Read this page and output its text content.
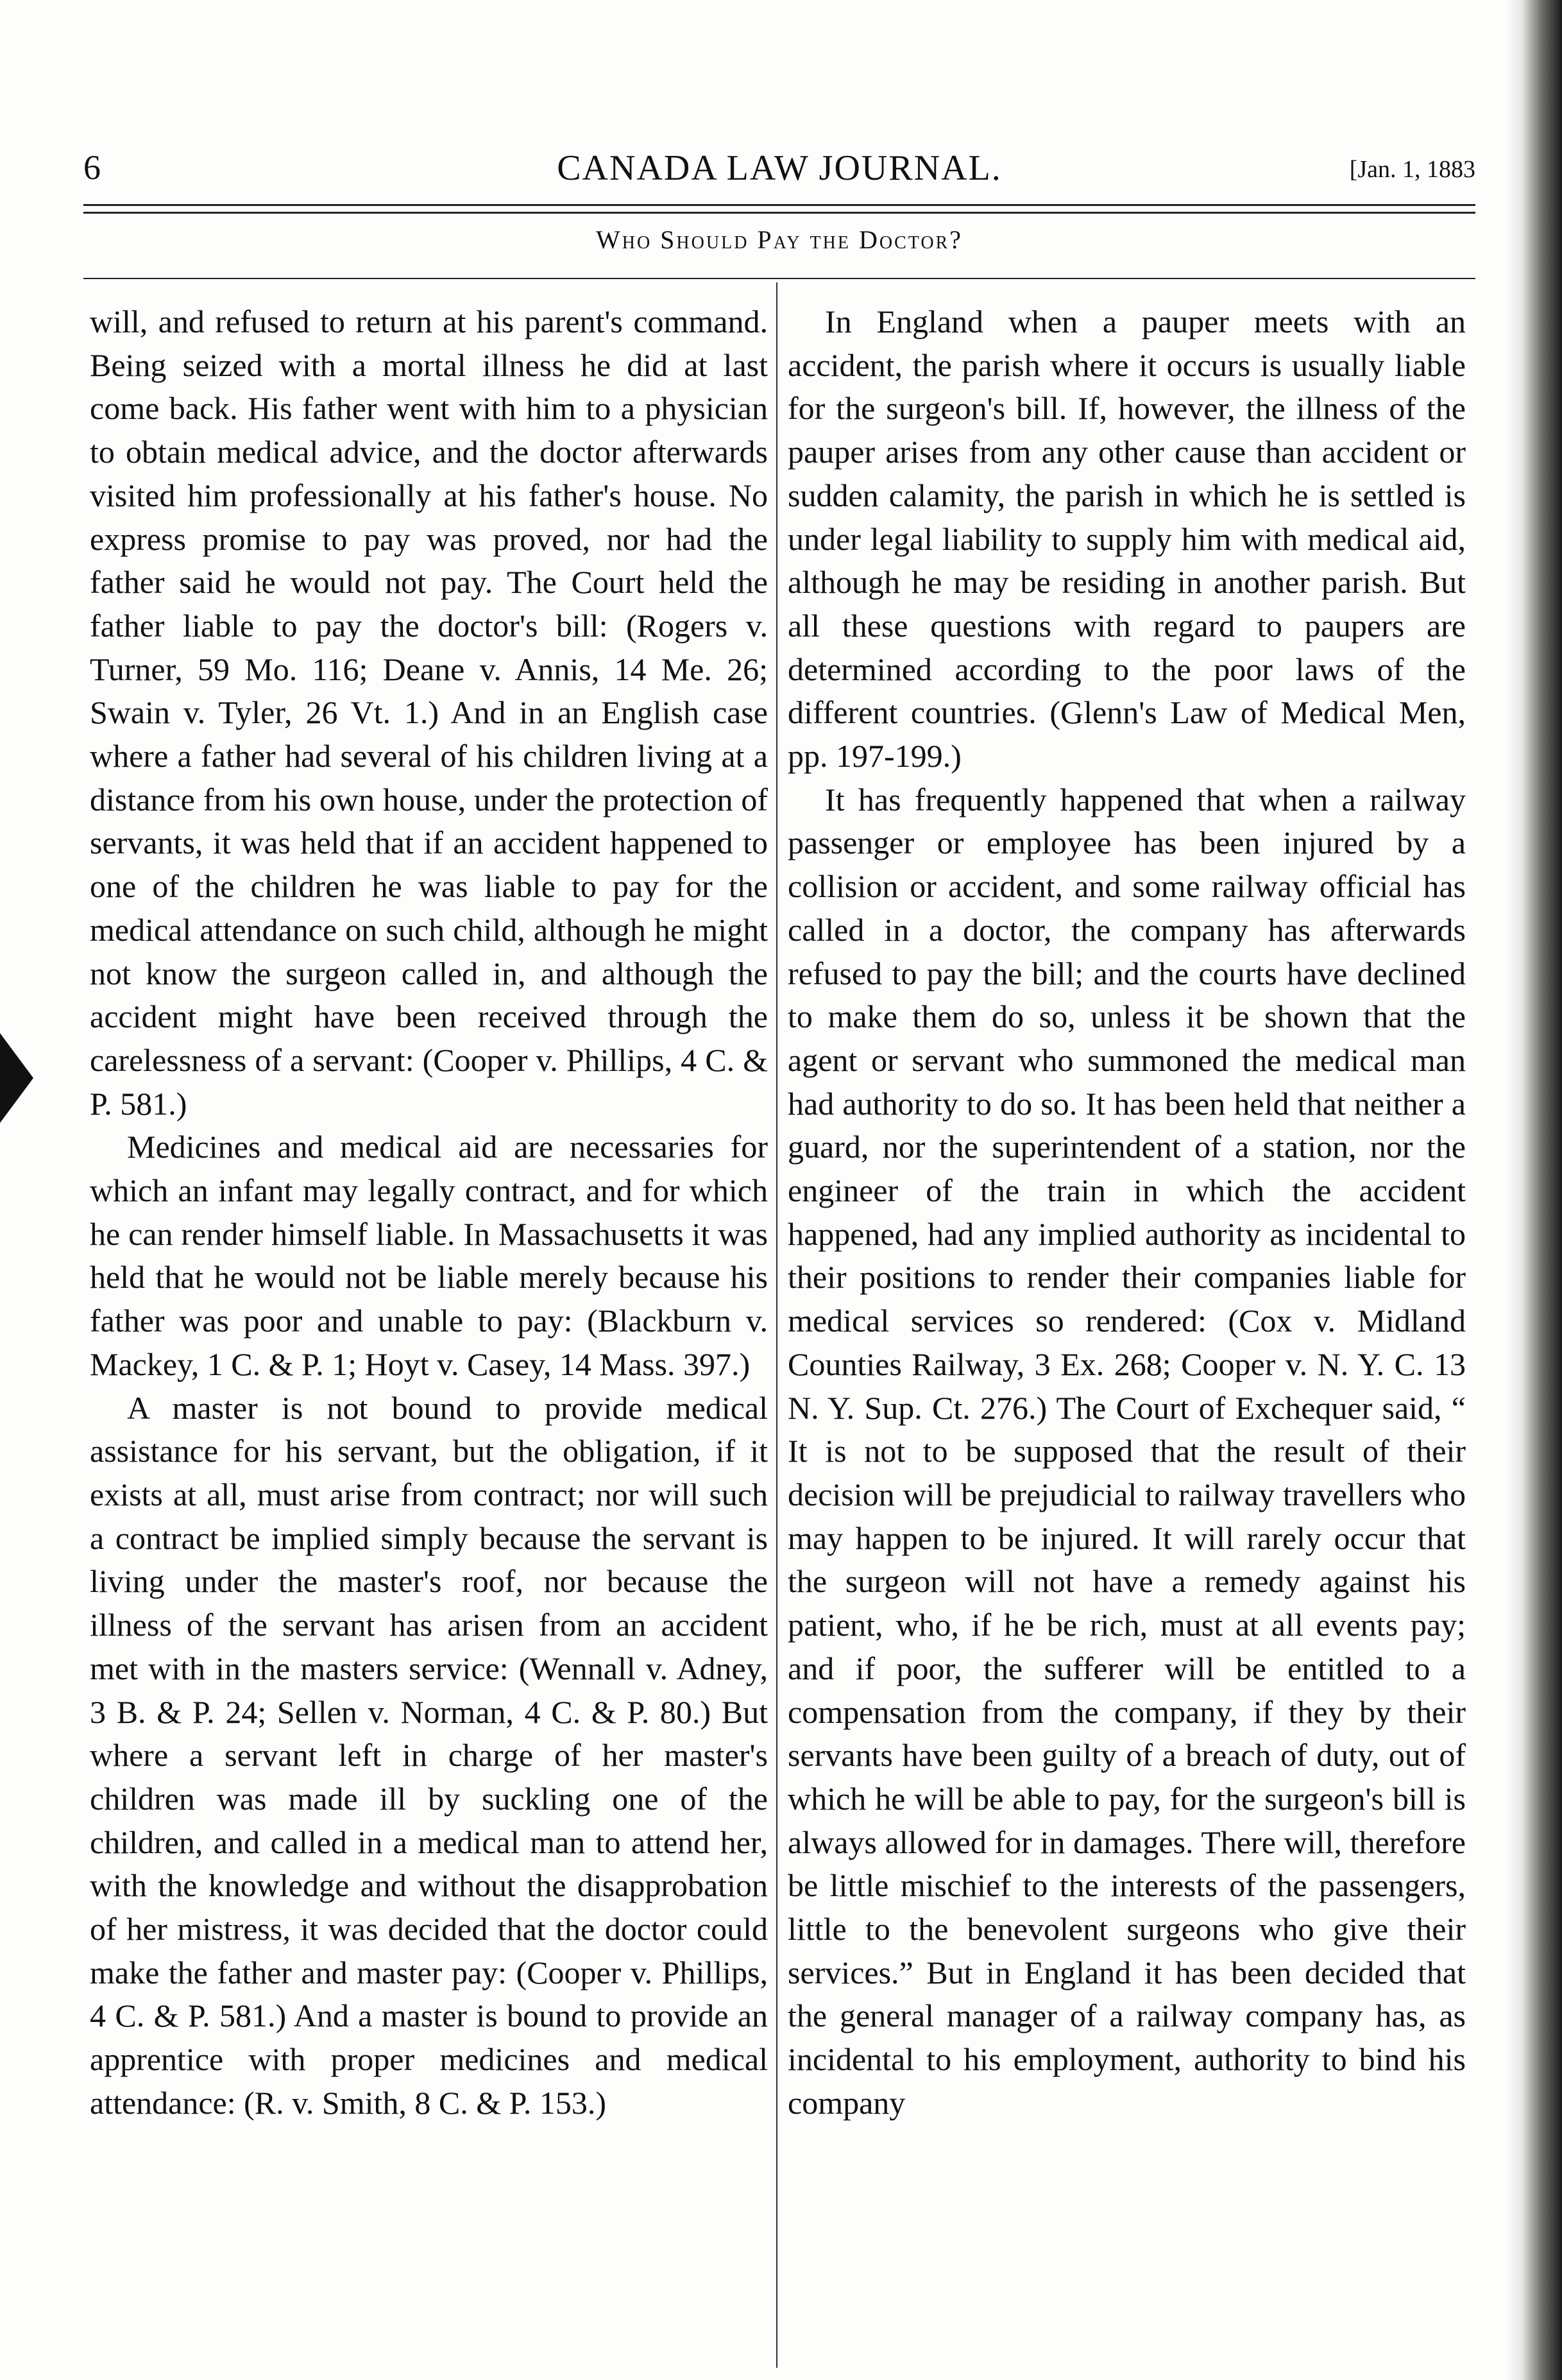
6	CANADA LAW JOURNAL.	[Jan. 1, 1883
Who Should Pay the Doctor?

will, and refused to return at his parent's command. Being seized with a mortal illness he did at last come back. His father went with him to a physician to obtain medical advice, and the doctor afterwards visited him professionally at his father's house. No express promise to pay was proved, nor had the father said he would not pay. The Court held the father liable to pay the doctor's bill: (Rogers v. Turner, 59 Mo. 116; Deane v. Annis, 14 Me. 26; Swain v. Tyler, 26 Vt. 1.) And in an English case where a father had several of his children living at a distance from his own house, under the protection of servants, it was held that if an accident happened to one of the children he was liable to pay for the medical attendance on such child, although he might not know the surgeon called in, and although the accident might have been received through the carelessness of a servant: (Cooper v. Phillips, 4 C. & P. 581.)

Medicines and medical aid are necessaries for which an infant may legally contract, and for which he can render himself liable. In Massachusetts it was held that he would not be liable merely because his father was poor and unable to pay: (Blackburn v. Mackey, 1 C. & P. 1; Hoyt v. Casey, 14 Mass. 397.)

A master is not bound to provide medical assistance for his servant, but the obligation, if it exists at all, must arise from contract; nor will such a contract be implied simply because the servant is living under the master's roof, nor because the illness of the servant has arisen from an accident met with in the masters service: (Wennall v. Adney, 3 B. & P. 24; Sellen v. Norman, 4 C. & P. 80.) But where a servant left in charge of her master's children was made ill by suckling one of the children, and called in a medical man to attend her, with the knowledge and without the disapprobation of her mistress, it was decided that the doctor could make the father and master pay: (Cooper v. Phillips, 4 C. & P. 581.) And a master is bound to provide an apprentice with proper medicines and medical attendance: (R. v. Smith, 8 C. & P. 153.)

In England when a pauper meets with an accident, the parish where it occurs is usually liable for the surgeon's bill. If, however, the illness of the pauper arises from any other cause than accident or sudden calamity, the parish in which he is settled is under legal liability to supply him with medical aid, although he may be residing in another parish. But all these questions with regard to paupers are determined according to the poor laws of the different countries. (Glenn's Law of Medical Men, pp. 197-199.)

It has frequently happened that when a railway passenger or employee has been injured by a collision or accident, and some railway official has called in a doctor, the company has afterwards refused to pay the bill; and the courts have declined to make them do so, unless it be shown that the agent or servant who summoned the medical man had authority to do so. It has been held that neither a guard, nor the superintendent of a station, nor the engineer of the train in which the accident happened, had any implied authority as incidental to their positions to render their companies liable for medical services so rendered: (Cox v. Midland Counties Railway, 3 Ex. 268; Cooper v. N. Y. C. 13 N. Y. Sup. Ct. 276.) The Court of Exchequer said, “ It is not to be supposed that the result of their decision will be prejudicial to railway travellers who may happen to be injured. It will rarely occur that the surgeon will not have a remedy against his patient, who, if he be rich, must at all events pay; and if poor, the sufferer will be entitled to a compensation from the company, if they by their servants have been guilty of a breach of duty, out of which he will be able to pay, for the surgeon's bill is always allowed for in damages. There will, therefore be little mischief to the interests of the passengers, little to the benevolent surgeons who give their services.” But in England it has been decided that the general manager of a railway company has, as incidental to his employment, authority to bind his company
